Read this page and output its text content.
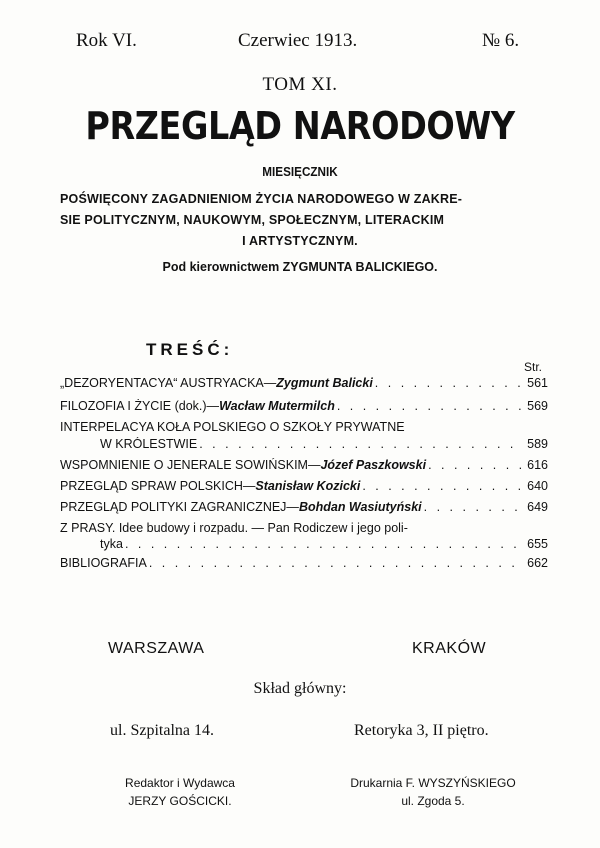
Rok VI.	Czerwiec 1913.	№ 6.
TOM XI.
PRZEGLĄD NARODOWY
MIESIĘCZNIK
POŚWIĘCONY ZAGADNIENIOM ŻYCIA NARODOWEGO W ZAKRE-
SIE POLITYCZNYM, NAUKOWYM, SPOŁECZNYM, LITERACKIM
I ARTYSTYCZNYM.
Pod kierownictwem ZYGMUNTA BALICKIEGO.
TREŚĆ:
Str.
„DEZORYENTACYA“ AUSTRYACKA— Zygmunt Balicki . . .	561
FILOZOFIA I ŻYCIE (dok.)— Wacław Mutermilch . . .	569
INTERPELACYA KOŁA POLSKIEGO O SZKOŁY PRYWATNE
W KRÓLESTWIE . . .	589
WSPOMNIENIE O JENERALE SOWIŃSKIM— Józef Paszkowski . . .	616
PRZEGLĄD SPRAW POLSKICH— Stanisław Kozicki . . .	640
PRZEGLĄD POLITYKI ZAGRANICZNEJ— Bohdan Wasiutyński . . .	649
Z PRASY. Idee budowy i rozpadu. — Pan Rodiczew i jego poli-
tyka . . .	655
BIBLIOGRAFIA . . .	662
WARSZAWA	KRAKÓW
Skład główny:
ul. Szpitalna 14.	Retoryka 3, II piętro.
Redaktor i Wydawca
JERZY GOŚCICKI.
Drukarnia F. WYSZYŃSKIEGO
ul. Zgoda 5.
